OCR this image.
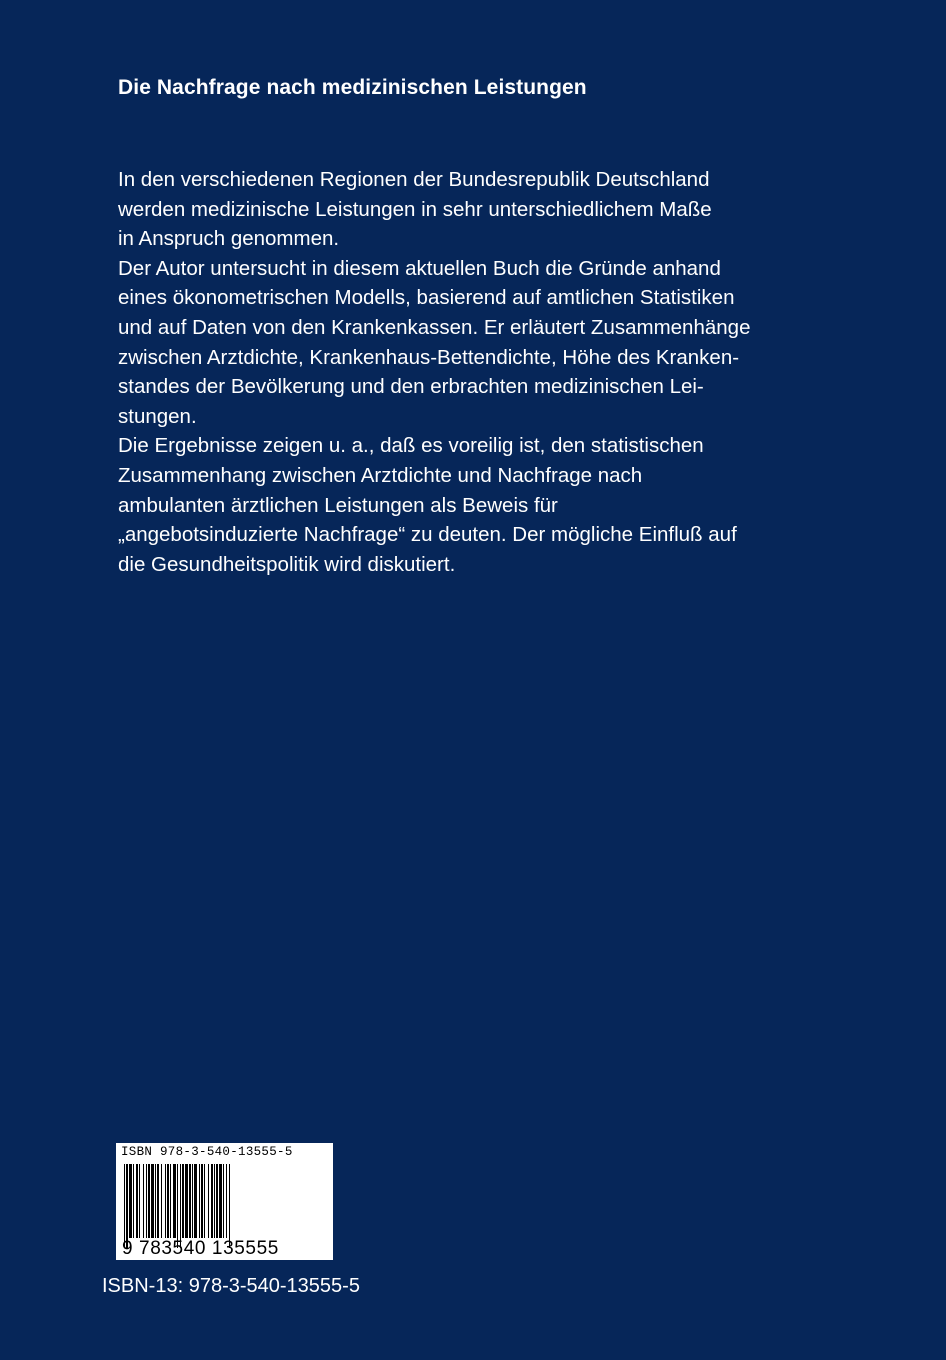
Die Nachfrage nach medizinischen Leistungen
In den verschiedenen Regionen der Bundesrepublik Deutschland
werden medizinische Leistungen in sehr unterschiedlichem Maße
in Anspruch genommen.
Der Autor untersucht in diesem aktuellen Buch die Gründe anhand
eines ökonometrischen Modells, basierend auf amtlichen Statistiken
und auf Daten von den Krankenkassen. Er erläutert Zusammenhänge
zwischen Arztdichte, Krankenhaus-Bettendichte, Höhe des Kranken-
standes der Bevölkerung und den erbrachten medizinischen Lei-
stungen.
Die Ergebnisse zeigen u. a., daß es voreilig ist, den statistischen
Zusammenhang zwischen Arztdichte und Nachfrage nach
ambulanten ärztlichen Leistungen als Beweis für
„angebotsinduzierte Nachfrage“ zu deuten. Der mögliche Einfluß auf
die Gesundheitspolitik wird diskutiert.
ISBN 978-3-540-13555-5
9 783540 135555
ISBN-13: 978-3-540-13555-5
